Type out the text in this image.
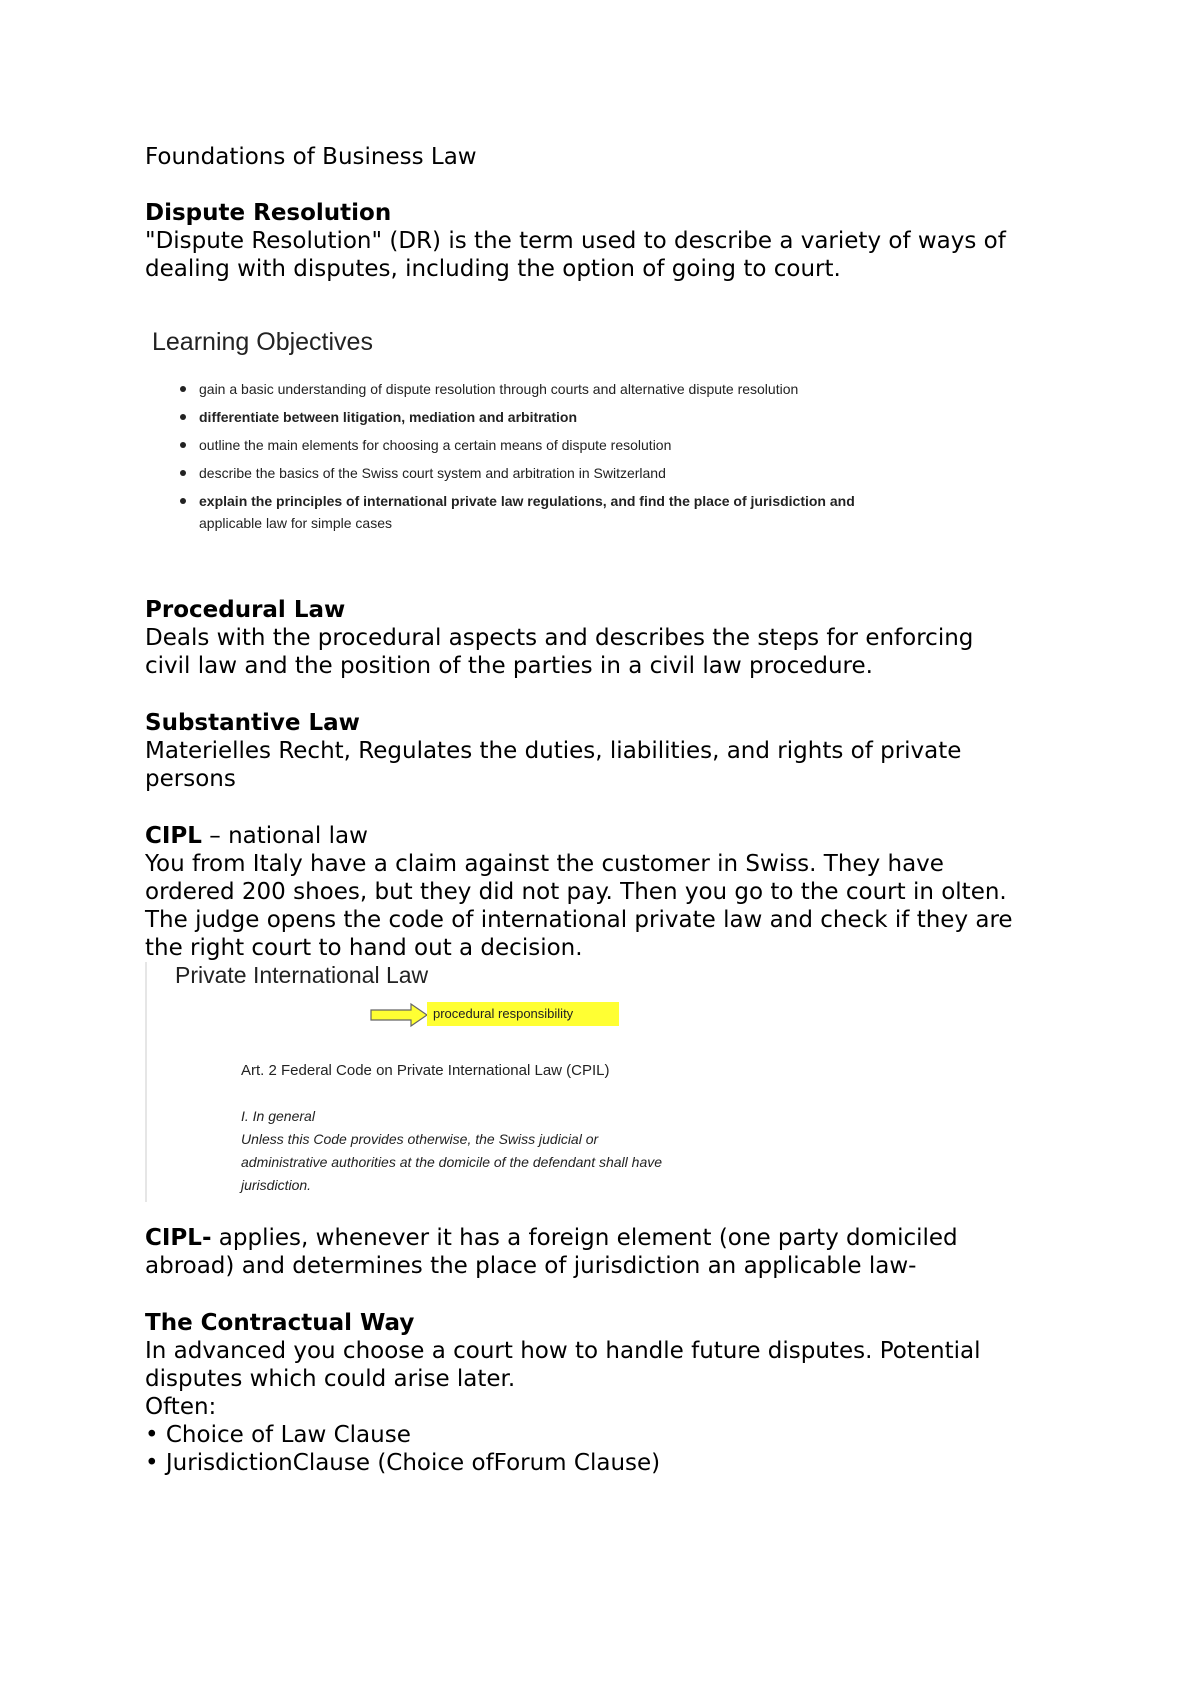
Foundations of Business Law
Dispute Resolution
"Dispute Resolution" (DR) is the term used to describe a variety of ways of
dealing with disputes, including the option of going to court.
Learning Objectives
gain a basic understanding of dispute resolution through courts and alternative dispute resolution
differentiate between litigation, mediation and arbitration
outline the main elements for choosing a certain means of dispute resolution
describe the basics of the Swiss court system and arbitration in Switzerland
explain the principles of international private law regulations, and find the place of jurisdiction and
applicable law for simple cases
Procedural Law
Deals with the procedural aspects and describes the steps for enforcing
civil law and the position of the parties in a civil law procedure.
Substantive Law
Materielles Recht, Regulates the duties, liabilities, and rights of private
persons
CIPL – national law
You from Italy have a claim against the customer in Swiss. They have
ordered 200 shoes, but they did not pay. Then you go to the court in olten.
The judge opens the code of international private law and check if they are
the right court to hand out a decision.
Private International Law
procedural responsibility
Art. 2 Federal Code on Private International Law (CPIL)
I. In general
Unless this Code provides otherwise, the Swiss judicial or
administrative authorities at the domicile of the defendant shall have
jurisdiction.
CIPL- applies, whenever it has a foreign element (one party domiciled
abroad) and determines the place of jurisdiction an applicable law-
The Contractual Way
In advanced you choose a court how to handle future disputes. Potential
disputes which could arise later.
Often:
• Choice of Law Clause
• JurisdictionClause (Choice ofForum Clause)
